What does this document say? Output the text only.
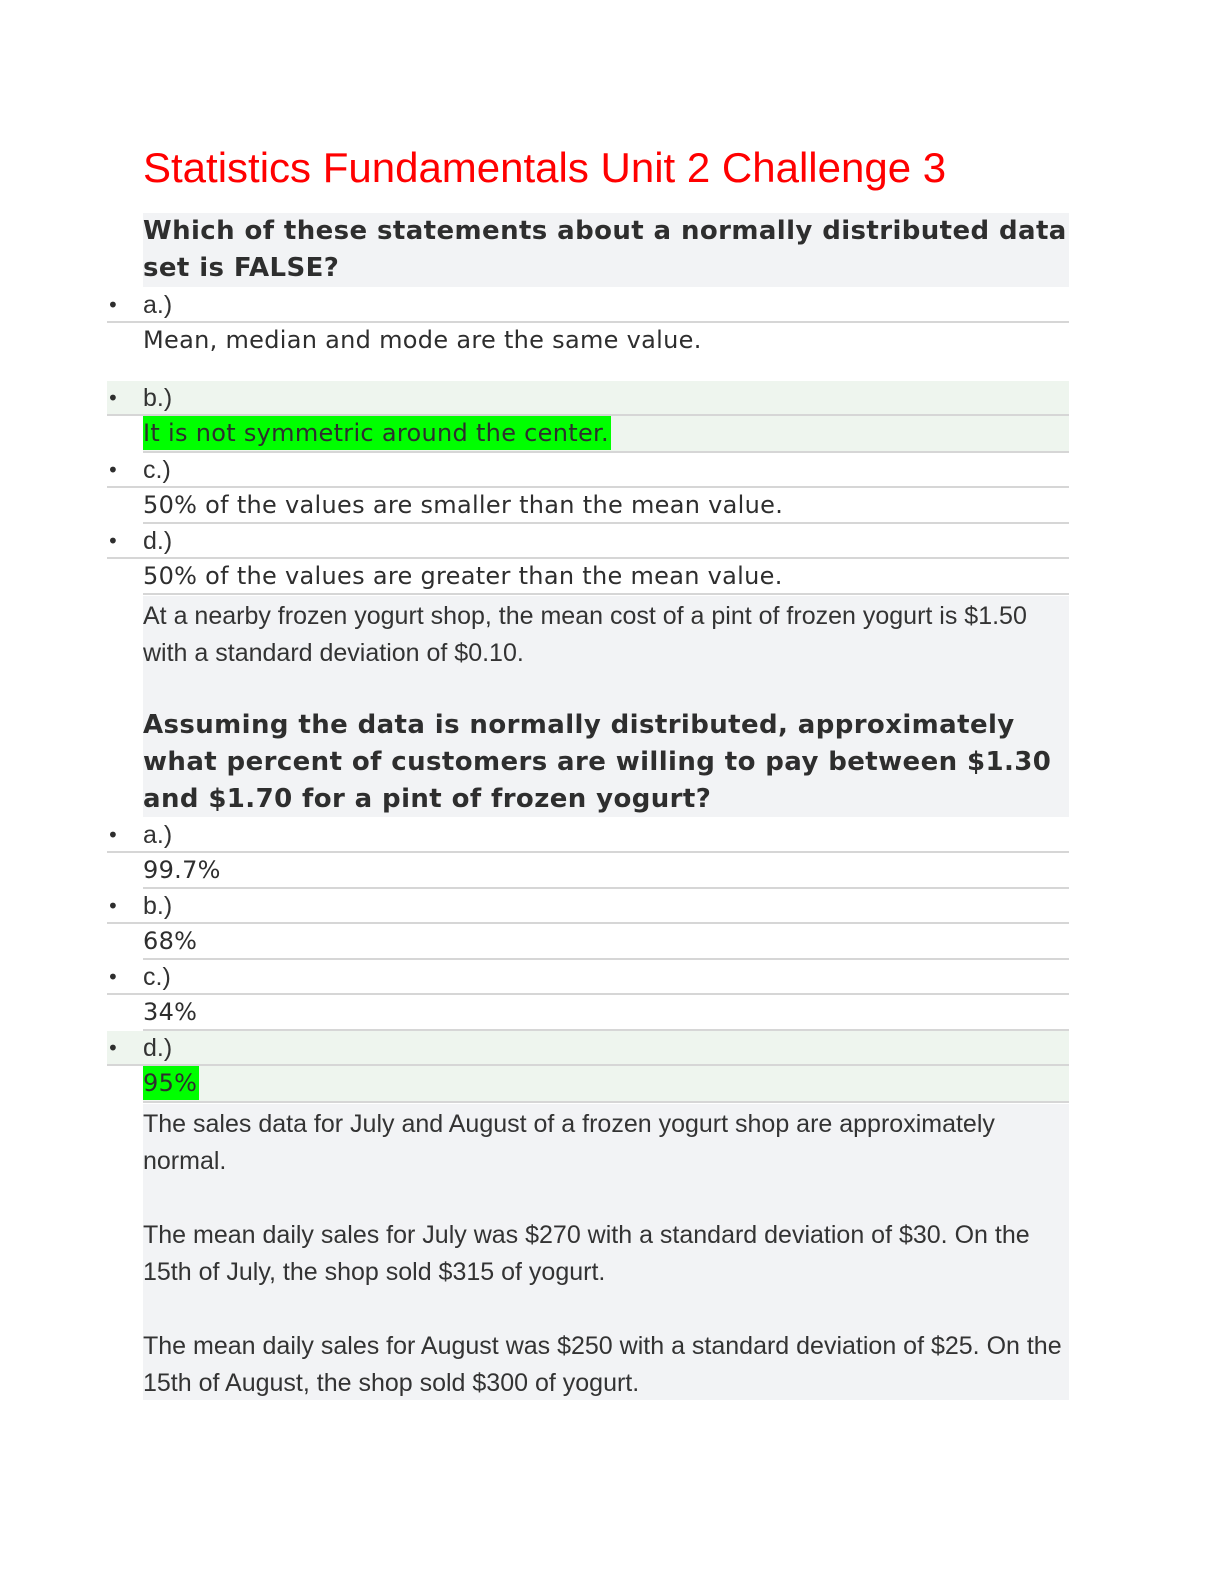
Statistics Fundamentals Unit 2 Challenge 3

Which of these statements about a normally distributed data set is FALSE?

• a.)
Mean, median and mode are the same value.
• b.)
It is not symmetric around the center.
• c.)
50% of the values are smaller than the mean value.
• d.)
50% of the values are greater than the mean value.

At a nearby frozen yogurt shop, the mean cost of a pint of frozen yogurt is $1.50 with a standard deviation of $0.10.

Assuming the data is normally distributed, approximately what percent of customers are willing to pay between $1.30 and $1.70 for a pint of frozen yogurt?

• a.)
99.7%
• b.)
68%
• c.)
34%
• d.)
95%

The sales data for July and August of a frozen yogurt shop are approximately normal.

The mean daily sales for July was $270 with a standard deviation of $30. On the 15th of July, the shop sold $315 of yogurt.

The mean daily sales for August was $250 with a standard deviation of $25. On the 15th of August, the shop sold $300 of yogurt.
